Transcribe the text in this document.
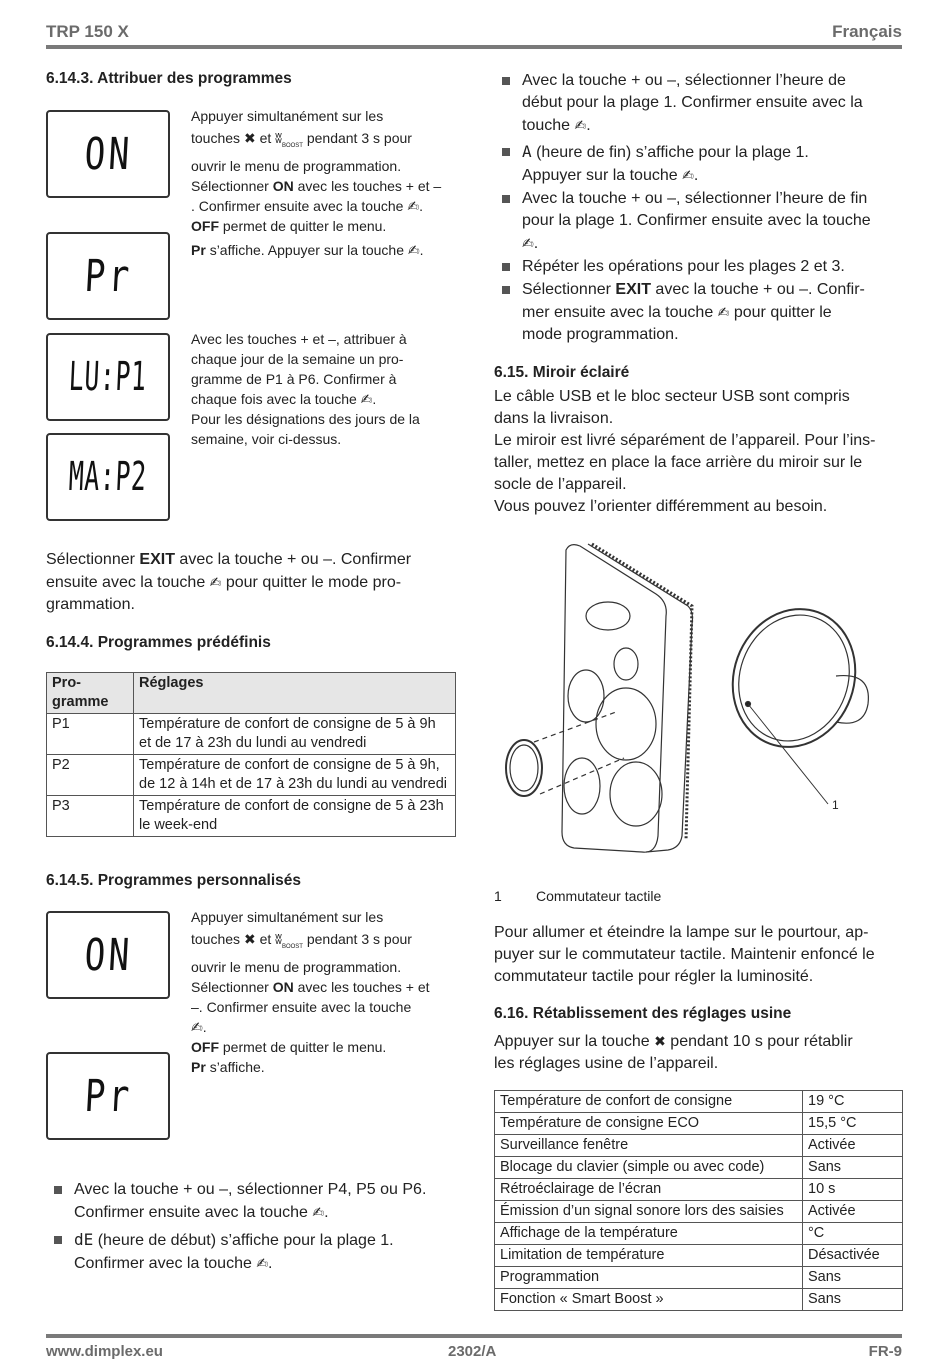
TRP 150 X	Français
6.14.3. Attribuer des programmes
ON
Pr
LU:P1
MA:P2
Appuyer simultanément sur les
touches ✖ et ʬ$_{BOOST}$ pendant 3 s pour
ouvrir le menu de programmation.
Sélectionner ON avec les touches + et –
. Confirmer ensuite avec la touche ✍.
OFF permet de quitter le menu.
Pr s’affiche. Appuyer sur la touche ✍.
Avec les touches + et –, attribuer à
chaque jour de la semaine un pro-
gramme de P1 à P6. Confirmer à
chaque fois avec la touche ✍.
Pour les désignations des jours de la
semaine, voir ci-dessus.
Sélectionner EXIT avec la touche + ou –. Confirmer
ensuite avec la touche ✍ pour quitter le mode pro-
grammation.
6.14.4. Programmes prédéfinis
Pro-
gramme	Réglages
P1	Température de confort de consigne de 5 à 9h et de 17 à 23h du lundi au vendredi
P2	Température de confort de consigne de 5 à 9h, de 12 à 14h et de 17 à 23h du lundi au vendredi
P3	Température de confort de consigne de 5 à 23h le week-end
6.14.5. Programmes personnalisés
ON
Pr
Appuyer simultanément sur les
touches ✖ et ʬ$_{BOOST}$ pendant 3 s pour
ouvrir le menu de programmation.
Sélectionner ON avec les touches + et
–. Confirmer ensuite avec la touche
✍.
OFF permet de quitter le menu.
Pr s’affiche.
Avec la touche + ou –, sélectionner P4, P5 ou P6.
Confirmer ensuite avec la touche ✍.
dE (heure de début) s’affiche pour la plage 1.
Confirmer avec la touche ✍.
Avec la touche + ou –, sélectionner l’heure de
début pour la plage 1. Confirmer ensuite avec la
touche ✍.
A (heure de fin) s’affiche pour la plage 1.
Appuyer sur la touche ✍.
Avec la touche + ou –, sélectionner l’heure de fin
pour la plage 1. Confirmer ensuite avec la touche
✍.
Répéter les opérations pour les plages 2 et 3.
Sélectionner EXIT avec la touche + ou –. Confir-
mer ensuite avec la touche ✍ pour quitter le
mode programmation.
6.15. Miroir éclairé
Le câble USB et le bloc secteur USB sont compris
dans la livraison.
Le miroir est livré séparément de l’appareil. Pour l’ins-
taller, mettez en place la face arrière du miroir sur le
socle de l’appareil.
Vous pouvez l’orienter différemment au besoin.
1
1 Commutateur tactile
Pour allumer et éteindre la lampe sur le pourtour, ap-
puyer sur le commutateur tactile. Maintenir enfoncé le
commutateur tactile pour régler la luminosité.
6.16. Rétablissement des réglages usine
Appuyer sur la touche ✖ pendant 10 s pour rétablir
les réglages usine de l’appareil.
Température de confort de consigne	19 °C
Température de consigne ECO	15,5 °C
Surveillance fenêtre	Activée
Blocage du clavier (simple ou avec code)	Sans
Rétroéclairage de l’écran	10 s
Émission d’un signal sonore lors des saisies	Activée
Affichage de la température	°C
Limitation de température	Désactivée
Programmation	Sans
Fonction « Smart Boost »	Sans
www.dimplex.eu	2302/A	FR-9
